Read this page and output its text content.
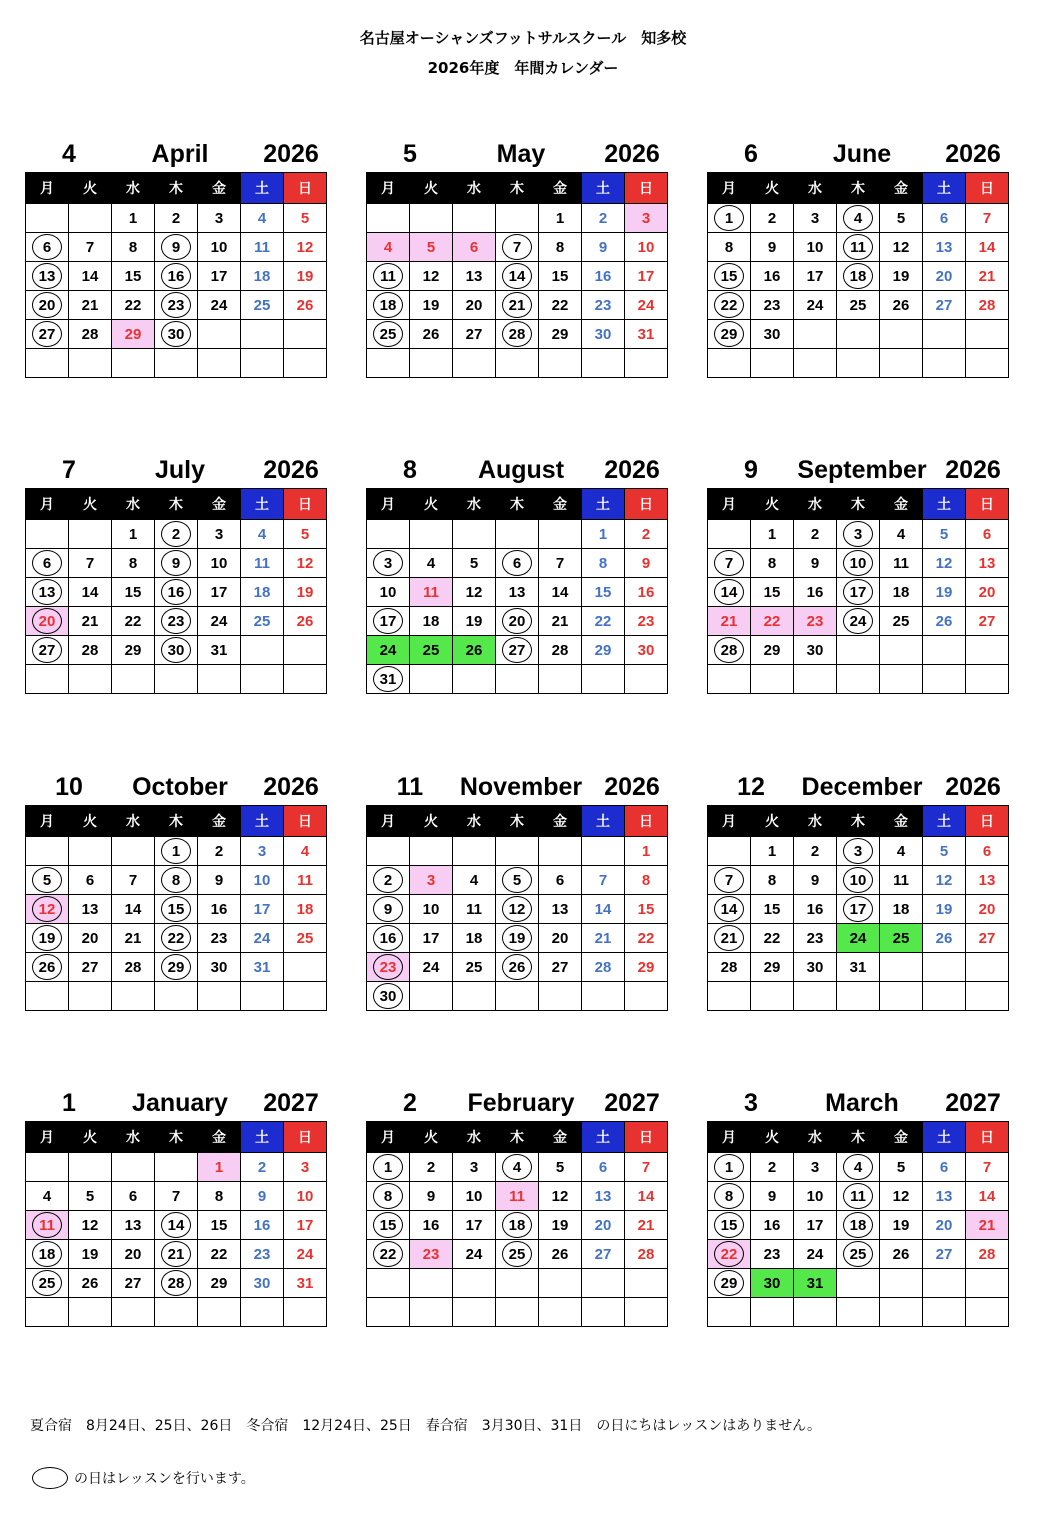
名古屋オーシャンズフットサルスクール　知多校
2026年度　年間カレンダー
4	April	2026
月	火	水	木	金	土	日
		1	2	3	4	5
6	7	8	9	10	11	12
13	14	15	16	17	18	19
20	21	22	23	24	25	26
27	28	29	30			

5	May	2026
月	火	水	木	金	土	日
				1	2	3
4	5	6	7	8	9	10
11	12	13	14	15	16	17
18	19	20	21	22	23	24
25	26	27	28	29	30	31

6	June	2026
月	火	水	木	金	土	日
1	2	3	4	5	6	7
8	9	10	11	12	13	14
15	16	17	18	19	20	21
22	23	24	25	26	27	28
29	30					

7	July	2026
月	火	水	木	金	土	日
		1	2	3	4	5
6	7	8	9	10	11	12
13	14	15	16	17	18	19
20	21	22	23	24	25	26
27	28	29	30	31		

8	August	2026
月	火	水	木	金	土	日
					1	2
3	4	5	6	7	8	9
10	11	12	13	14	15	16
17	18	19	20	21	22	23
24	25	26	27	28	29	30
31						
9	September 2026
月	火	水	木	金	土	日
	1	2	3	4	5	6
7	8	9	10	11	12	13
14	15	16	17	18	19	20
21	22	23	24	25	26	27
28	29	30				

10	October	2026
月	火	水	木	金	土	日
			1	2	3	4
5	6	7	8	9	10	11
12	13	14	15	16	17	18
19	20	21	22	23	24	25
26	27	28	29	30	31	

11 November 2026
月	火	水	木	金	土	日
						1
2	3	4	5	6	7	8
9	10	11	12	13	14	15
16	17	18	19	20	21	22
23	24	25	26	27	28	29
30						
12 December 2026
月	火	水	木	金	土	日
	1	2	3	4	5	6
7	8	9	10	11	12	13
14	15	16	17	18	19	20
21	22	23	24	25	26	27
28	29	30	31			

1	January	2027
月	火	水	木	金	土	日
				1	2	3
4	5	6	7	8	9	10
11	12	13	14	15	16	17
18	19	20	21	22	23	24
25	26	27	28	29	30	31

2	February	2027
月	火	水	木	金	土	日
1	2	3	4	5	6	7
8	9	10	11	12	13	14
15	16	17	18	19	20	21
22	23	24	25	26	27	28

3	March	2027
月	火	水	木	金	土	日
1	2	3	4	5	6	7
8	9	10	11	12	13	14
15	16	17	18	19	20	21
22	23	24	25	26	27	28
29	30	31				

夏合宿　8月24日、25日、26日　冬合宿　12月24日、25日　春合宿　3月30日、31日　の日にちはレッスンはありません。
の日はレッスンを行います。
